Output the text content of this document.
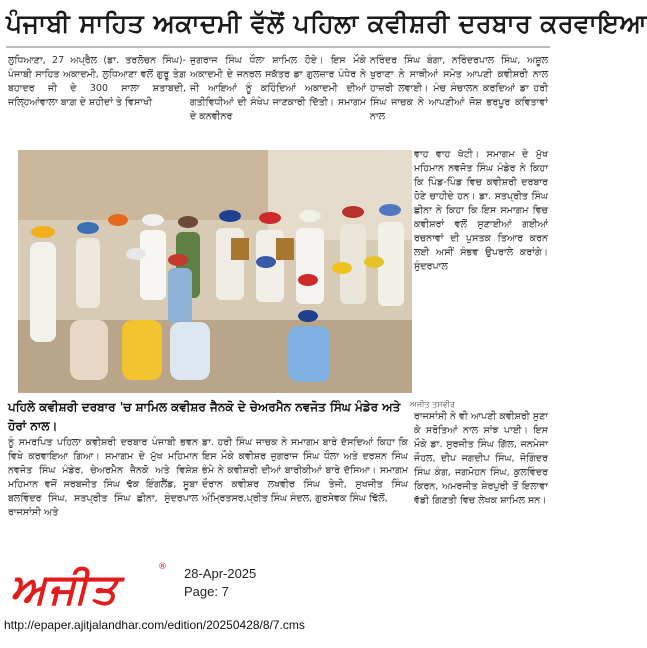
ਪੰਜਾਬੀ ਸਾਹਿਤ ਅਕਾਦਮੀ ਵੱਲੋਂ ਪਹਿਲਾ ਕਵੀਸ਼ਰੀ ਦਰਬਾਰ ਕਰਵਾਇਆ

ਲੁਧਿਆਣਾ, 27 ਅਪ੍ਰੈਲ (ਡਾ. ਤਰਲੋਚਨ ਸਿੰਘ)- ਪੰਜਾਬੀ ਸਾਹਿਤ ਅਕਾਦਮੀ, ਲੁਧਿਆਣਾ ਵਲੋਂ ਗੁਰੂ ਤੇਗ਼ ਬਹਾਦਰ ਜੀ ਦੇ 300 ਸਾਲਾ ਸ਼ਤਾਬਦੀ, ਜਲ੍ਹਿਆਂਵਾਲਾ ਬਾਗ਼ ਦੇ ਸ਼ਹੀਦਾਂ ਤੇ ਵਿਸਾਖੀ

ਜੁਗਰਾਜ ਸਿੰਘ ਧੌਲਾ ਸ਼ਾਮਿਲ ਹੋਏ। ਇਸ ਮੌਕੇ ਅਕਾਦਮੀ ਦੇ ਜਨਰਲ ਸਕੱਤਰ ਡਾ ਗੁਲਜ਼ਾਰ ਪੰਧੇਰ ਨੇ ਜੀ ਆਇਆਂ ਨੂੰ ਕਹਿੰਦਿਆਂ ਅਕਾਦਮੀ ਦੀਆਂ ਗਤੀਵਿਧੀਆਂ ਦੀ ਸੰਖੇਪ ਜਾਣਕਾਰੀ ਦਿੱਤੀ। ਸਮਾਗਮ ਦੇ ਕਨਵੀਨਰ

ਨਰਿੰਦਰ ਸਿੰਘ ਬੰਗਾ, ਨਰਿੰਦਰਪਾਲ ਸਿੰਘ, ਅਸ਼ੂਲ ਖੁਰਾਣਾ ਨੇ ਸਾਥੀਆਂ ਸਮੇਤ ਆਪਣੀ ਕਵੀਸ਼ਰੀ ਨਾਲ ਹਾਜ਼ਰੀ ਲਵਾਈ। ਮੰਚ ਸੰਚਾਲਨ ਕਰਦਿਆਂ ਡਾ ਹਰੀ ਸਿੰਘ ਜਾਚਕ ਨੇ ਆਪਣੀਆਂ ਜੋਸ਼ ਭਰਪੂਰ ਕਵਿਤਾਵਾਂ ਨਾਲ

ਵਾਹ ਵਾਹ ਖੱਟੀ। ਸਮਾਗਮ ਦੇ ਮੁੱਖ ਮਹਿਮਾਨ ਨਵਜੋਤ ਸਿੰਘ ਮੰਡੇਰ ਨੇ ਕਿਹਾ ਕਿ ਪਿੰਡ-ਪਿੰਡ ਵਿਚ ਕਵੀਸ਼ਰੀ ਦਰਬਾਰ ਹੋਣੇ ਚਾਹੀਦੇ ਹਨ। ਡਾ. ਸਤਪ੍ਰੀਤ ਸਿੰਘ ਛੀਨਾ ਨੇ ਕਿਹਾ ਕਿ ਇਸ ਸਮਾਗਮ ਵਿਚ ਕਵੀਸ਼ਰਾਂ ਵਲੋਂ ਸੁਣਾਈਆਂ ਗਈਆਂ ਰਚਨਾਵਾਂ ਦੀ ਪੁਸਤਕ ਤਿਆਰ ਕਰਨ ਲਈ ਅਸੀਂ ਸੰਭਵ ਉਪਰਾਲੇ ਕਰਾਂਗੇ। ਸੁੰਦਰਪਾਲ

ਪਹਿਲੇ ਕਵੀਸ਼ਰੀ ਦਰਬਾਰ 'ਚ ਸ਼ਾਮਿਲ ਕਵੀਸ਼ਰ ਜੈਨਕੋ ਦੇ ਚੇਅਰਮੈਨ ਨਵਜੋਤ ਸਿੰਘ ਮੰਡੇਰ ਅਤੇ ਹੋਰਾਂ ਨਾਲ।
ਅਜੀਤ ਤਸਵੀਰ

ਰਾਜਸਾਂਸੀ ਨੇ ਵੀ ਆਪਣੀ ਕਵੀਸ਼ਰੀ ਸੁਣਾ ਕੇ ਸਰੋਤਿਆਂ ਨਾਲ ਸਾਂਝ ਪਾਈ। ਇਸ ਮੌਕੇ ਡਾ. ਸੁਰਜੀਤ ਸਿੰਘ ਗਿੱਲ, ਜਨਮੇਜਾ ਜੌਹਲ, ਦੀਪ ਜਗਦੀਪ ਸਿੰਘ, ਜੋਗਿੰਦਰ ਸਿੰਘ ਕੰਗ, ਜਗਮੋਹਨ ਸਿੰਘ, ਕੁਲਵਿੰਦਰ ਕਿਰਨ, ਅਮਰਜੀਤ ਸ਼ੇਰਪੁਰੀ ਤੋਂ ਇਲਾਵਾ ਵੱਡੀ ਗਿਣਤੀ ਵਿਚ ਲੇਖਕ ਸ਼ਾਮਿਲ ਸਨ।

ਨੂੰ ਸਮਰਪਿਤ ਪਹਿਲਾ ਕਵੀਸ਼ਰੀ ਦਰਬਾਰ ਪੰਜਾਬੀ ਭਵਨ ਵਿਖੇ ਕਰਵਾਇਆ ਗਿਆ। ਸਮਾਗਮ ਦੇ ਮੁੱਖ ਮਹਿਮਾਨ ਨਵਜੋਤ ਸਿੰਘ ਮੰਡੇਰ, ਚੇਅਰਮੈਨ ਜੈਨਕੋ ਅਤੇ ਵਿਸ਼ੇਸ਼ ਮਹਿਮਾਨ ਵਜੋਂ ਸਰਬਜੀਤ ਸਿੰਘ ਢੱਕ ਇੰਗਲੈਂਡ, ਸੂਬਾ ਬਲਵਿੰਦਰ ਸਿੰਘ, ਸਤਪ੍ਰੀਤ ਸਿੰਘ ਛੀਨਾ, ਸੁੰਦਰਪਾਲ ਰਾਜਸਾਂਸੀ ਅਤੇ

ਡਾ. ਹਰੀ ਸਿੰਘ ਜਾਚਕ ਨੇ ਸਮਾਗਮ ਬਾਰੇ ਦੱਸਦਿਆਂ ਕਿਹਾ ਕਿ ਇਸ ਮੌਕੇ ਕਵੀਸ਼ਰ ਜੁਗਰਾਜ ਸਿੰਘ ਧੌਲਾ ਅਤੇ ਦਰਸ਼ਨ ਸਿੰਘ ਭੰਮੇ ਨੇ ਕਵੀਸ਼ਰੀ ਦੀਆਂ ਬਾਰੀਕੀਆਂ ਬਾਰੇ ਦੱਸਿਆ। ਸਮਾਗਮ ਦੌਰਾਨ ਕਵੀਸ਼ਰ ਲਖਵੀਰ ਸਿੰਘ ਤੇਜੀ, ਸੁਖਜੀਤ ਸਿੰਘ ਅੰਮ੍ਰਿਤਸਰ,ਪ੍ਰੀਤ ਸਿੰਘ ਸੰਦਲ, ਗੁਰਸੇਵਕ ਸਿੰਘ ਢਿੱਲੋਂ,

ਅਜੀਤ	® 28-Apr-2025
Page: 7
http://epaper.ajitjalandhar.com/edition/20250428/8/7.cms
